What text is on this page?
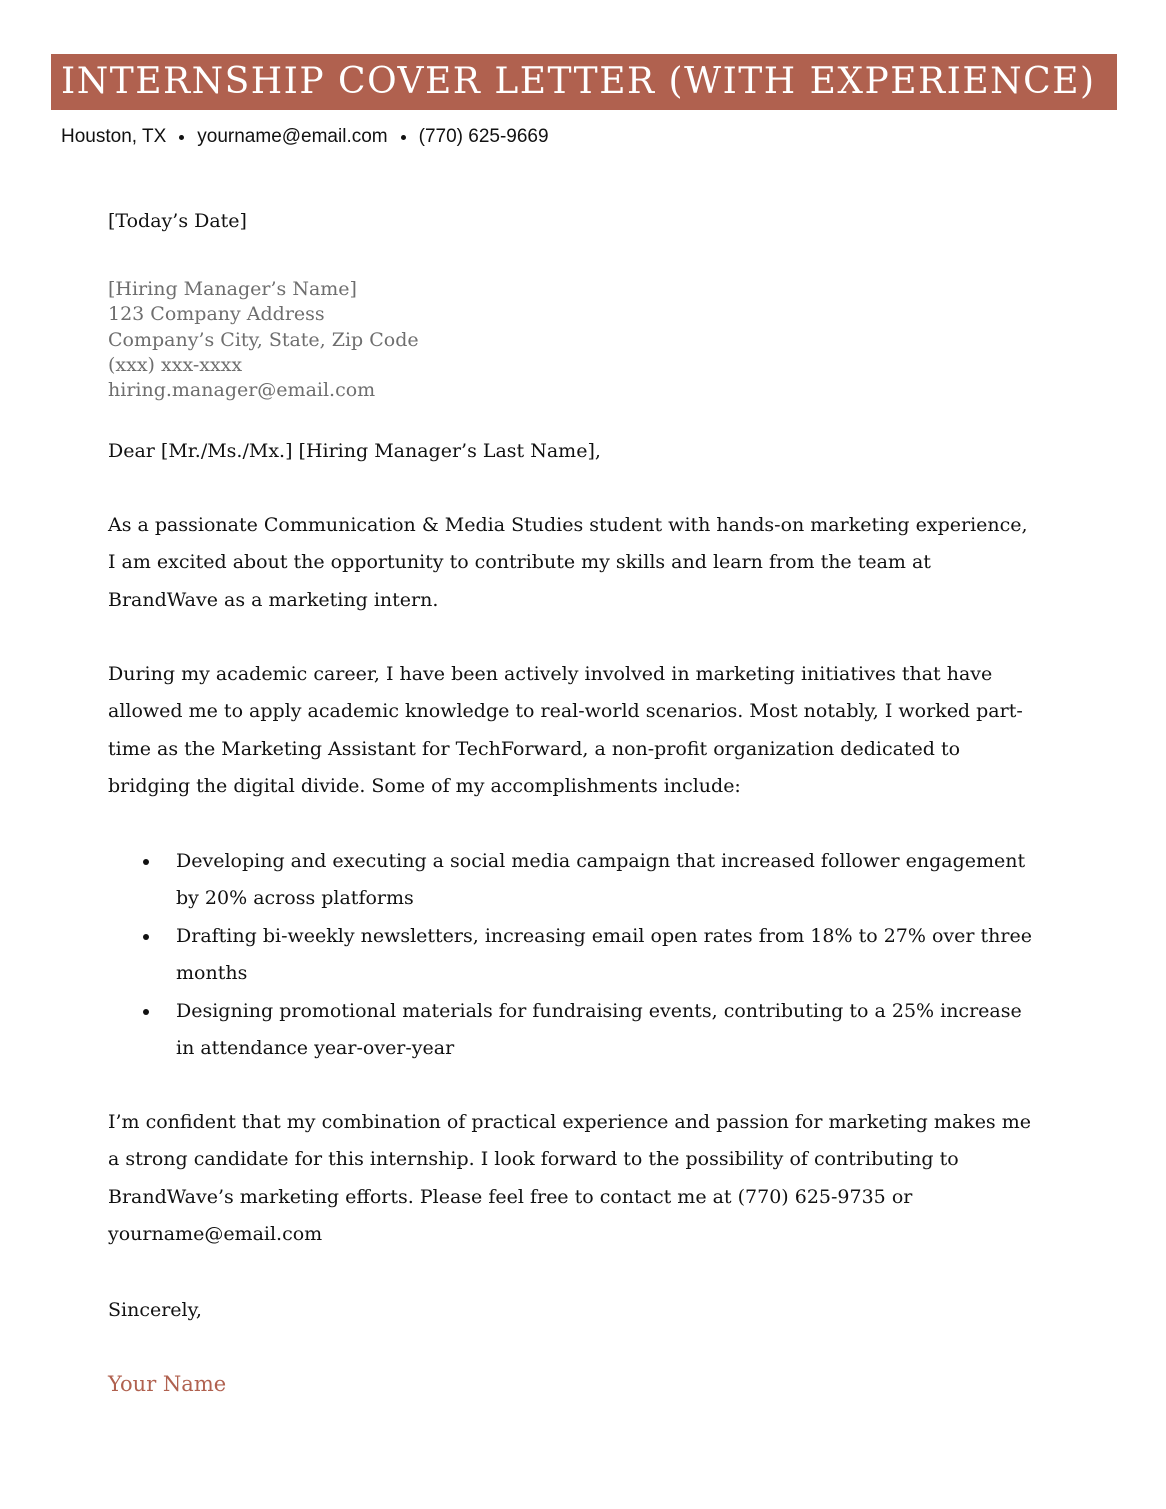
INTERNSHIP COVER LETTER (WITH EXPERIENCE)
Houston, TX yourname@email.com (770) 625-9669
[Today’s Date]
[Hiring Manager’s Name]
123 Company Address
Company’s City, State, Zip Code
(xxx) xxx-xxxx
hiring.manager@email.com
Dear [Mr./Ms./Mx.] [Hiring Manager’s Last Name],
As a passionate Communication & Media Studies student with hands-on marketing experience,
I am excited about the opportunity to contribute my skills and learn from the team at
BrandWave as a marketing intern.
During my academic career, I have been actively involved in marketing initiatives that have
allowed me to apply academic knowledge to real-world scenarios. Most notably, I worked part-
time as the Marketing Assistant for TechForward, a non-profit organization dedicated to
bridging the digital divide. Some of my accomplishments include:
Developing and executing a social media campaign that increased follower engagement
by 20% across platforms
Drafting bi-weekly newsletters, increasing email open rates from 18% to 27% over three
months
Designing promotional materials for fundraising events, contributing to a 25% increase
in attendance year-over-year
I’m confident that my combination of practical experience and passion for marketing makes me
a strong candidate for this internship. I look forward to the possibility of contributing to
BrandWave’s marketing efforts. Please feel free to contact me at (770) 625-9735 or
yourname@email.com
Sincerely,
Your Name
